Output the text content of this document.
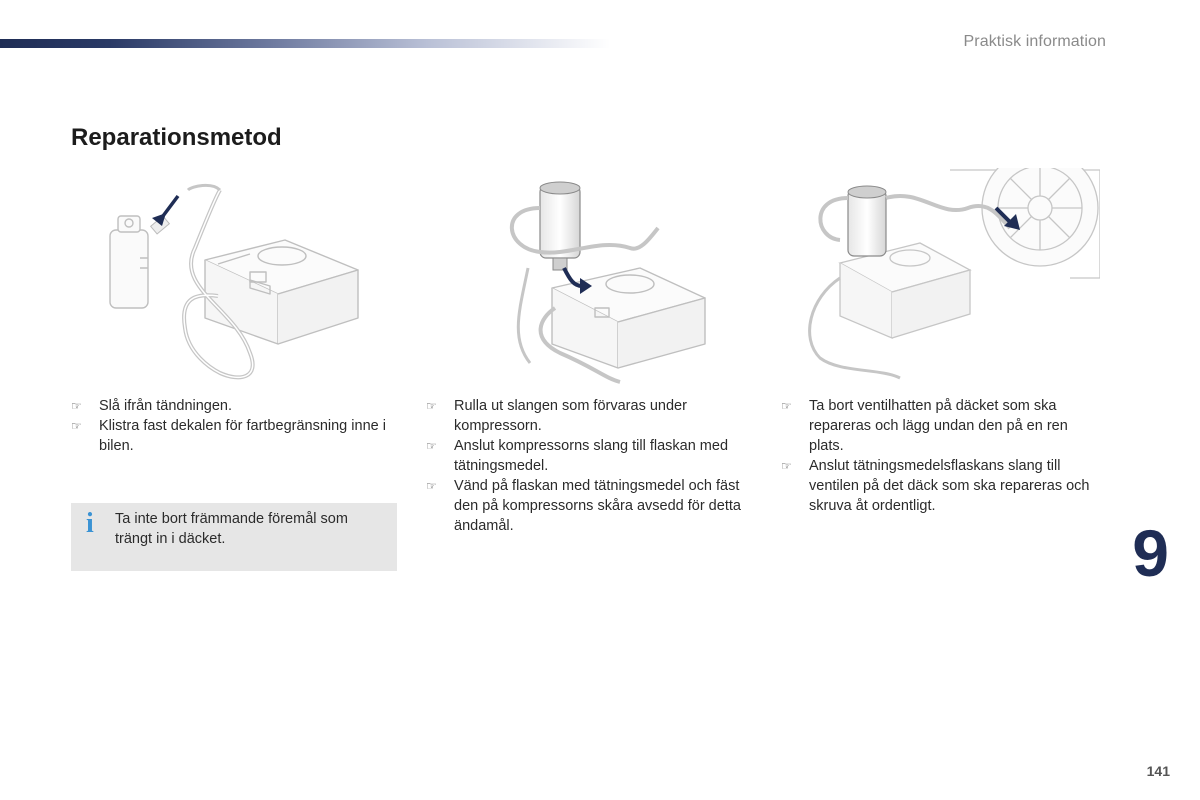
Praktisk information
Reparationsmetod
☞	Slå ifrån tändningen.
☞	Klistra fast dekalen för fartbegränsning inne i bilen.
☞	Rulla ut slangen som förvaras under kompressorn.
☞	Anslut kompressorns slang till flaskan med tätningsmedel.
☞	Vänd på flaskan med tätningsmedel och fäst den på kompressorns skåra avsedd för detta ändamål.
☞	Ta bort ventilhatten på däcket som ska repareras och lägg undan den på en ren plats.
☞	Anslut tätningsmedelsflaskans slang till ventilen på det däck som ska repareras och skruva åt ordentligt.
i Ta inte bort främmande föremål som trängt in i däcket.	9
141
